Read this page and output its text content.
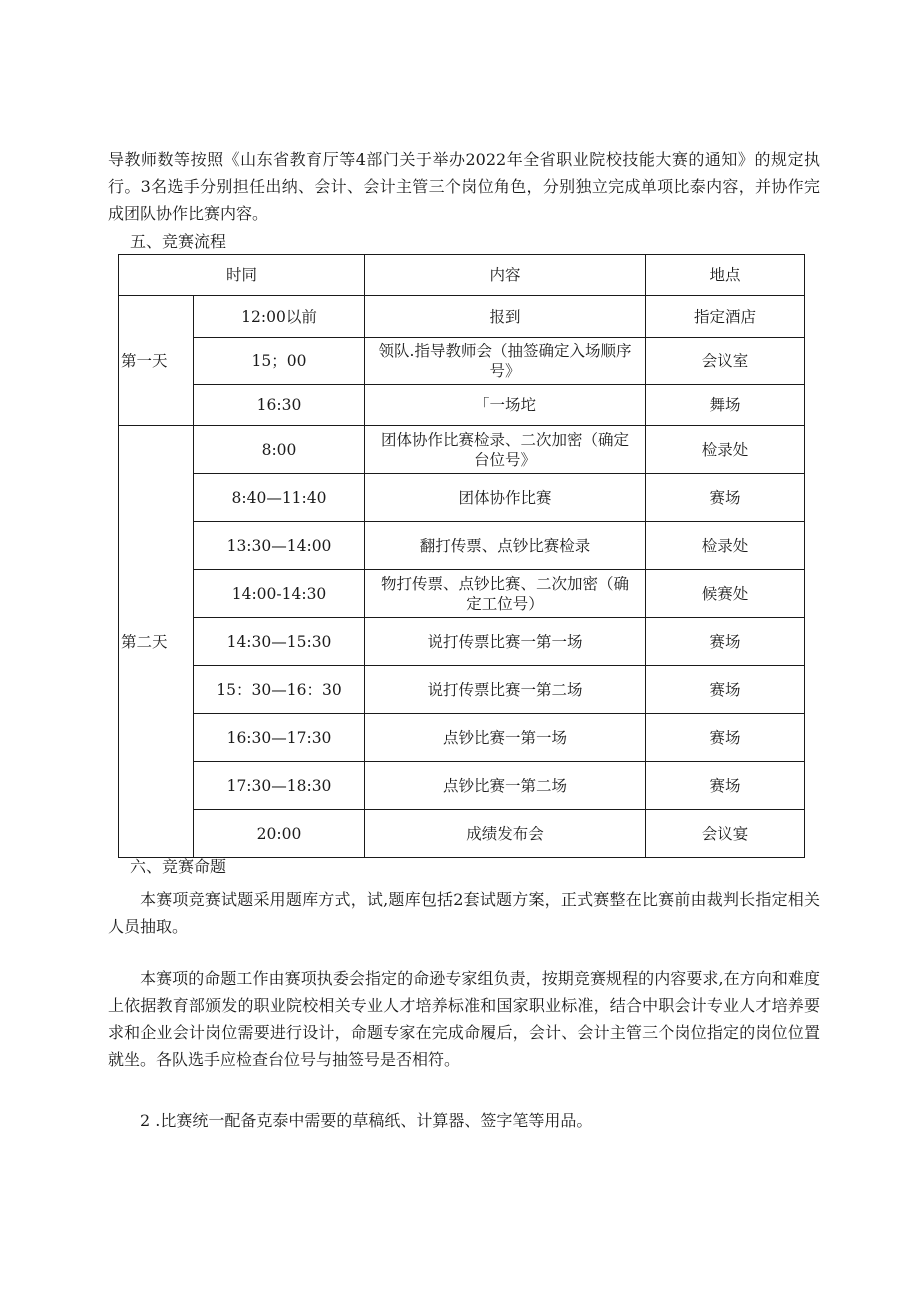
导教师数等按照《山东省教育厅等4部门关于举办2022年全省职业院校技能大赛的通知》的规定执行。3名选手分别担任出纳、会计、会计主管三个岗位角色，分别独立完成单项比泰内容，并协作完成团队协作比赛内容。

五、竞赛流程

时同		内容	地点
第一天	12:00以前	报到	指定酒店
	15；00	领队.指导教师会（抽签确定入场顺序号》	会议室
	16:30	「一场坨	舞场
第二天	8:00	团体协作比赛检录、二次加密（确定台位号》	检录处
	8:40—11:40	团体协作比赛	赛场
	13:30—14:00	翻打传票、点钞比赛检录	检录处
	14:00-14:30	物打传票、点钞比赛、二次加密（确定工位号）	候赛处
	14:30—15:30	说打传票比赛一第一场	赛场
	15：30—16：30	说打传票比赛一第二场	赛场
	16:30—17:30	点钞比赛一第一场	赛场
	17:30—18:30	点钞比赛一第二场	赛场
	20:00	成绩发布会	会议宴

六、竞赛命题

本赛项竞赛试题采用题库方式，试,题库包括2套试题方案，正式赛整在比赛前由裁判长指定相关人员抽取。

本赛项的命题工作由赛项执委会指定的命逊专家组负责，按期竞赛规程的内容要求,在方向和难度上依据教育部颁发的职业院校相关专业人才培养标准和国家职业标准，结合中职会计专业人才培养要求和企业会计岗位需要进行设计，命题专家在完成命履后，会计、会计主管三个岗位指定的岗位位置就坐。各队选手应检查台位号与抽签号是否相符。

2 .比赛统一配备克泰中需要的草稿纸、计算器、签字笔等用品。
